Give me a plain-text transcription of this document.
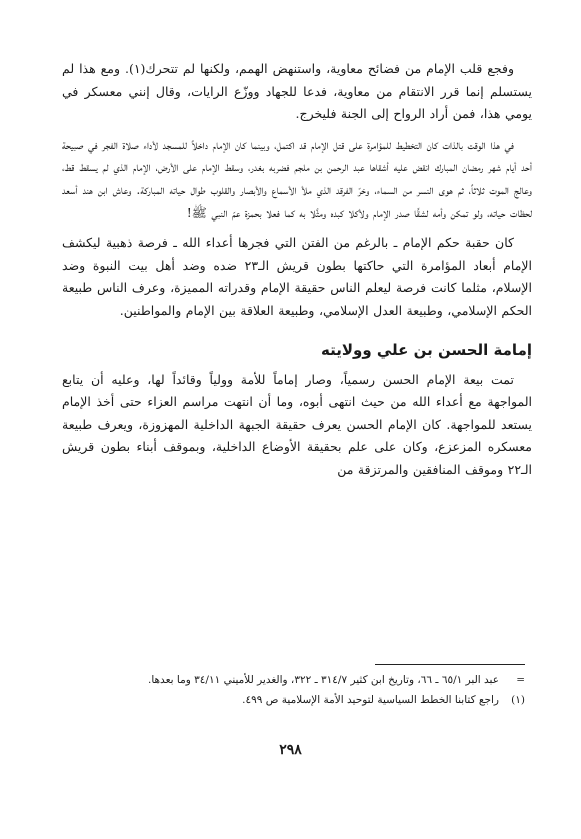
وفجع قلب الإمام من فضائح معاوية، واستنهض الهمم، ولكنها لم تتحرك(١). ومع هذا لم يستسلم إنما قرر الانتقام من معاوية، فدعا للجهاد ووزّع الرايات، وقال إنني معسكر في يومي هذا، فمن أراد الرواح إلى الجنة فليخرج.

في هذا الوقت بالذات كان التخطيط للمؤامرة على قتل الإمام قد اكتمل، وبينما كان الإمام داخلاً للمسجد لأداء صلاة الفجر في صبيحة أحد أيام شهر رمضان المبارك انقض عليه أشقاها عبد الرحمن بن ملجم فضربه بغدر، وسقط الإمام على الأرض، الإمام الذي لم يسقط قط، وعالج الموت ثلاثاً، ثم هوى النسر من السماء، وخرّ الفرقد الذي ملأ الأسماع والأبصار والقلوب طوال حياته المباركة. وعاش ابن هند أسعد لحظات حياته، ولو تمكن وأمه لشقَّا صدر الإمام ولأكلا كبده ومثَّلا به كما فعلا بحمزة عمّ النبي ﷺ!

كان حقبة حكم الإمام ـ بالرغم من الفتن التي فجرها أعداء الله ـ فرصة ذهبية ليكشف الإمام أبعاد المؤامرة التي حاكتها بطون قريش الـ٢٣ ضده وضد أهل بيت النبوة وضد الإسلام، مثلما كانت فرصة ليعلم الناس حقيقة الإمام وقدراته المميزة، وعرف الناس طبيعة الحكم الإسلامي، وطبيعة العدل الإسلامي، وطبيعة العلاقة بين الإمام والمواطنين.

إمامة الحسن بن علي وولايته

تمت بيعة الإمام الحسن رسمياً، وصار إماماً للأمة وولياً وقائداً لها، وعليه أن يتابع المواجهة مع أعداء الله من حيث انتهى أبوه، وما أن انتهت مراسم العزاء حتى أخذ الإمام يستعد للمواجهة. كان الإمام الحسن يعرف حقيقة الجبهة الداخلية المهزوزة، ويعرف طبيعة معسكره المزعزع، وكان على علم بحقيقة الأوضاع الداخلية، وبموقف أبناء بطون قريش الـ٢٢ وموقف المنافقين والمرتزقة من

=
عبد البر ٦٥/١ ـ ٦٦، وتاريخ ابن كثير ٣١٤/٧ ـ ٣٢٢، والغدير للأميني ٣٤/١١ وما بعدها.
(١)
راجع كتابنا الخطط السياسية لتوحيد الأمة الإسلامية ص ٤٩٩.
٢٩٨
